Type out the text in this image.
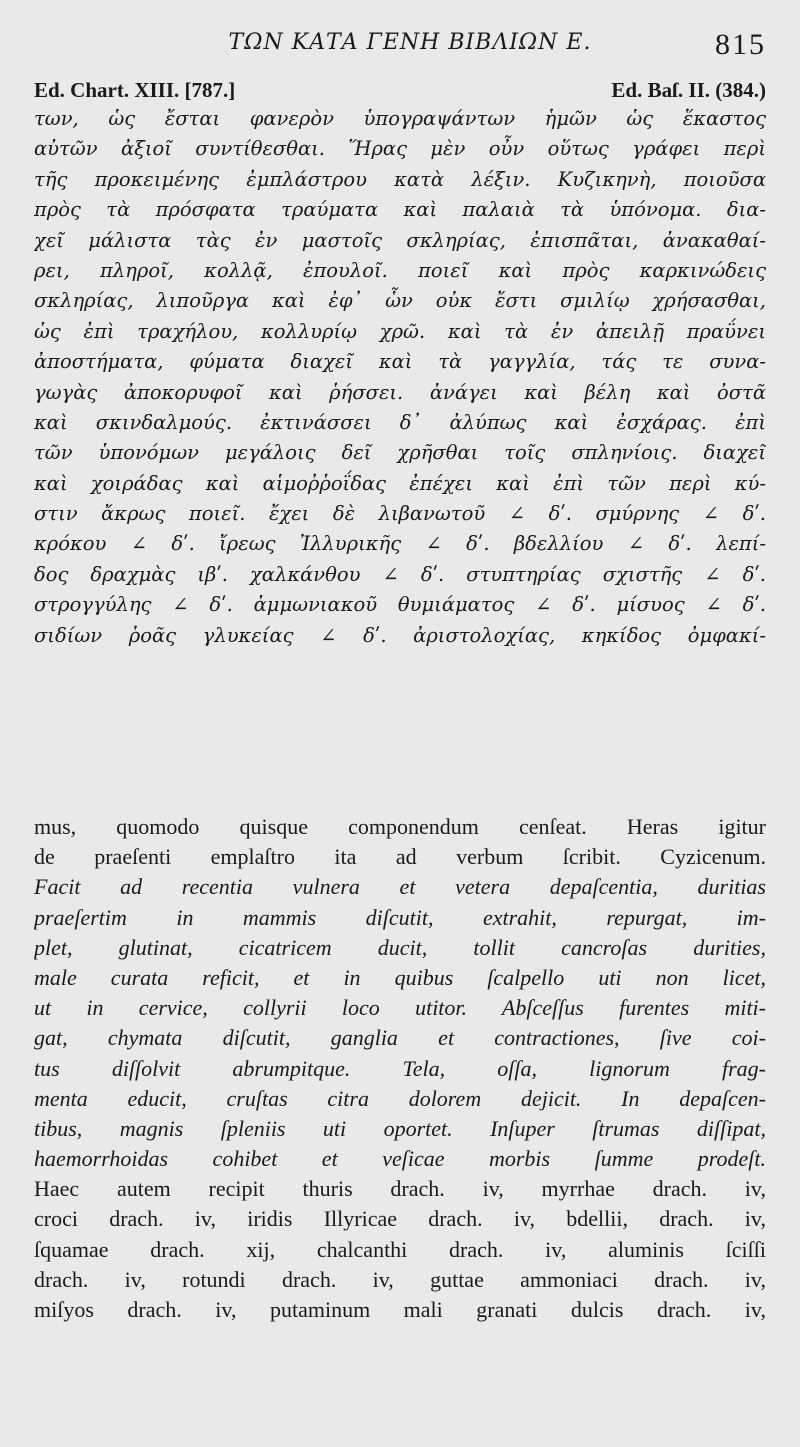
ΤΩΝ ΚΑΤΑ ΓΕΝΗ ΒΙΒΛΙΩΝ Ε.	815
Ed. Chart. XIII. [787.]	Ed. Baſ. II. (384.)
των, ὡς ἔσται φανερὸν ὑπογραψάντων ἡμῶν ὡς ἕκαστος
αὐτῶν ἀξιοῖ συντίθεσθαι. Ἥρας μὲν οὖν οὕτως γράφει περὶ
τῆς προκειμένης ἐμπλάστρου κατὰ λέξιν. Κυζικηνὴ, ποιοῦσα
πρὸς τὰ πρόσφατα τραύματα καὶ παλαιὰ τὰ ὑπόνομα. δια-
χεῖ μάλιστα τὰς ἐν μαστοῖς σκληρίας, ἐπισπᾶται, ἀνακαθαί-
ρει, πληροῖ, κολλᾷ, ἐπουλοῖ. ποιεῖ καὶ πρὸς καρκινώδεις
σκληρίας, λιποῦργα καὶ ἐφ᾽ ὧν οὐκ ἔστι σμιλίῳ χρήσασθαι,
ὡς ἐπὶ τραχήλου, κολλυρίῳ χρῶ. καὶ τὰ ἐν ἀπειλῇ πραΰνει
ἀποστήματα, φύματα διαχεῖ καὶ τὰ γαγγλία, τάς τε συνα-
γωγὰς ἀποκορυφοῖ καὶ ῥήσσει. ἀνάγει καὶ βέλη καὶ ὀστᾶ
καὶ σκινδαλμούς. ἐκτινάσσει δ᾽ ἀλύπως καὶ ἐσχάρας. ἐπὶ
τῶν ὑπονόμων μεγάλοις δεῖ χρῆσθαι τοῖς σπληνίοις. διαχεῖ
καὶ χοιράδας καὶ αἱμοῤῥοΐδας ἐπέχει καὶ ἐπὶ τῶν περὶ κύ-
στιν ἄκρως ποιεῖ. ἔχει δὲ λιβανωτοῦ ∠ δʹ. σμύρνης ∠ δʹ.
κρόκου ∠ δʹ. ἴρεως Ἰλλυρικῆς ∠ δʹ. βδελλίου ∠ δʹ. λεπί-
δος δραχμὰς ιβʹ. χαλκάνθου ∠ δʹ. στυπτηρίας σχιστῆς ∠ δʹ.
στρογγύλης ∠ δʹ. ἀμμωνιακοῦ θυμιάματος ∠ δʹ. μίσυος ∠ δʹ.
σιδίων ῥοᾶς γλυκείας ∠ δʹ. ἀριστολοχίας, κηκίδος ὀμφακί-
mus, quomodo quisque componendum cenſeat. Heras igitur
de praeſenti emplaſtro ita ad verbum ſcribit. Cyzicenum.
Facit ad recentia vulnera et vetera depaſcentia, duritias
praeſertim in mammis diſcutit, extrahit, repurgat, im-
plet, glutinat, cicatricem ducit, tollit cancroſas durities,
male curata reficit, et in quibus ſcalpello uti non licet,
ut in cervice, collyrii loco utitor. Abſceſſus furentes miti-
gat, chymata diſcutit, ganglia et contractiones, ſive coi-
tus diſſolvit abrumpitque. Tela, oſſa, lignorum frag-
menta educit, cruſtas citra dolorem dejicit. In depaſcen-
tibus, magnis ſpleniis uti oportet. Inſuper ſtrumas diſſipat,
haemorrhoidas cohibet et veſicae morbis ſumme prodeſt.
Haec autem recipit thuris drach. iv, myrrhae drach. iv,
croci drach. iv, iridis Illyricae drach. iv, bdellii, drach. iv,
ſquamae drach. xij, chalcanthi drach. iv, aluminis ſciſſi
drach. iv, rotundi drach. iv, guttae ammoniaci drach. iv,
miſyos drach. iv, putaminum mali granati dulcis drach. iv,
